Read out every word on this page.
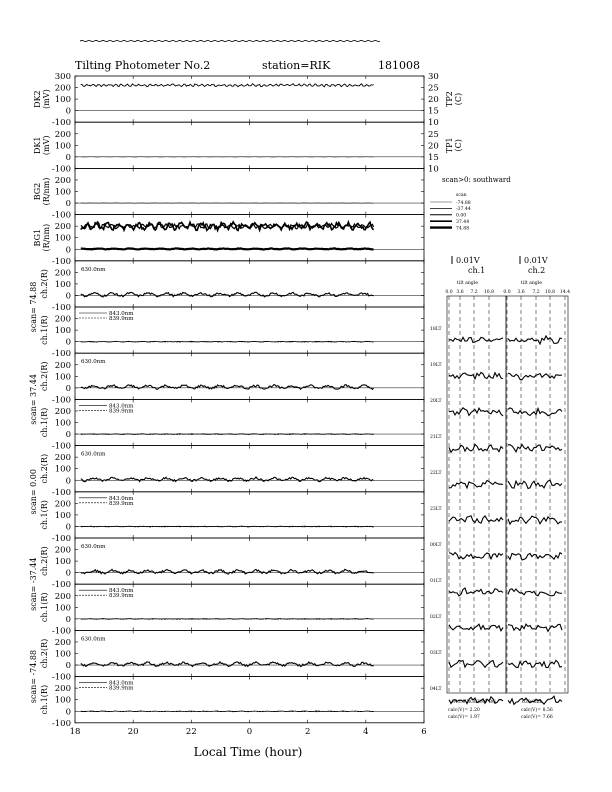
Tilting Photometer No.2	station=RIK	181008
300
200
100
0
-100
DK2 (mV)
30
25
20
15
10
TP2 (C)
200
100
0
-100
DK1 (mV)
25
20
15
10
TP1 (C)
200
100
0
-100
BG2 (R/nm)
200
100
0
-100
BG1 (R/nm)
200
100
0
-100
ch.2(R)	630.0nm
200
100
0
-100
ch.1(R)
scan= 74.88	843.0nm
839.9nm
200
100
0
-100
ch.2(R)	630.0nm
200
100
0
-100
ch.1(R)
scan= 37.44	843.0nm
839.9nm
200
100
0
-100
ch.2(R)	630.0nm
200
100
0
-100
ch.1(R)
scan= 0.00	843.0nm
839.9nm
200
100
0
-100
ch.2(R)	630.0nm
200
100
0
-100
ch.1(R)
scan= -37.44	843.0nm
839.9nm
200
100
0
-100
ch.2(R)	630.0nm
200
100
0
-100
ch.1(R)
scan= -74.88	843.0nm
839.9nm
18	20	22	0	2	4	6
Local Time (hour)
scan>0: southward
scan
-74.88
-37.44
0.00
37.44
74.88
0.01V	0.01V
ch.1	ch.2
tilt angle	tilt angle
0.0 3.6 7.2 10.8 0.0 3.6 7.2 10.8 14.4
18LT
19LT
20LT
21LT
22LT
23LT
00LT
01LT
02LT
03LT
04LT
843.0 BG 839.9 BG	630.0nm
calc(V)= 2.20
calc(V)= 1.97
calc(V)= 8.56
calc(V)= 7.66
